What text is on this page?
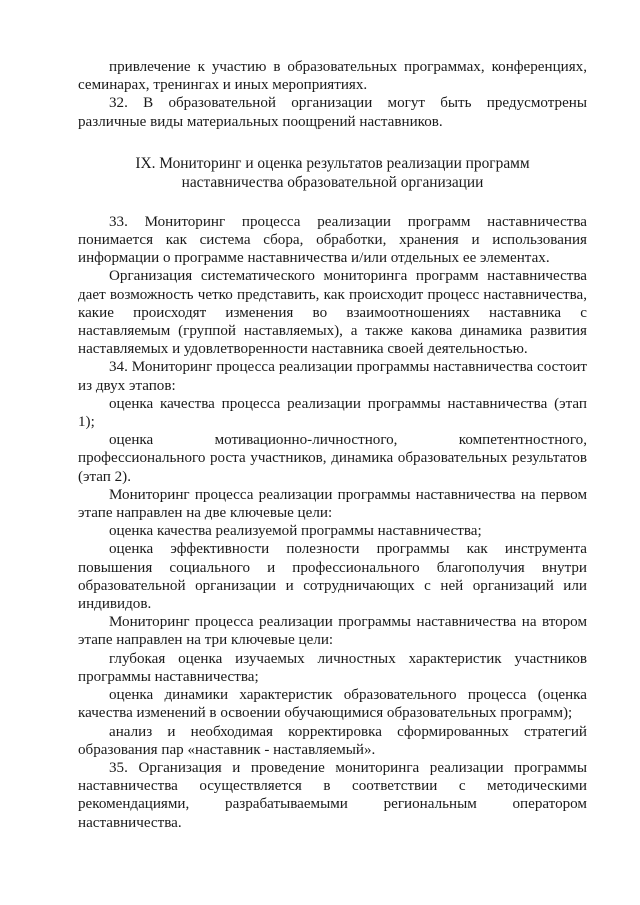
привлечение к участию в образовательных программах, конференциях, семинарах, тренингах и иных мероприятиях.

32. В образовательной организации могут быть предусмотрены различные виды материальных поощрений наставников.

IX. Мониторинг и оценка результатов реализации программ
наставничества образовательной организации

33. Мониторинг процесса реализации программ наставничества понимается как система сбора, обработки, хранения и использования информации о программе наставничества и/или отдельных ее элементах.

Организация систематического мониторинга программ наставничества дает возможность четко представить, как происходит процесс наставничества, какие происходят изменения во взаимоотношениях наставника с наставляемым (группой наставляемых), а также какова динамика развития наставляемых и удовлетворенности наставника своей деятельностью.

34. Мониторинг процесса реализации программы наставничества состоит из двух этапов:

оценка качества процесса реализации программы наставничества (этап 1);

оценка мотивационно-личностного, компетентностного, профессионального роста участников, динамика образовательных результатов (этап 2).

Мониторинг процесса реализации программы наставничества на первом этапе направлен на две ключевые цели:

оценка качества реализуемой программы наставничества;

оценка эффективности полезности программы как инструмента повышения социального и профессионального благополучия внутри образовательной организации и сотрудничающих с ней организаций или индивидов.

Мониторинг процесса реализации программы наставничества на втором этапе направлен на три ключевые цели:

глубокая оценка изучаемых личностных характеристик участников программы наставничества;

оценка динамики характеристик образовательного процесса (оценка качества изменений в освоении обучающимися образовательных программ);

анализ и необходимая корректировка сформированных стратегий образования пар «наставник - наставляемый».

35. Организация и проведение мониторинга реализации программы наставничества осуществляется в соответствии с методическими рекомендациями, разрабатываемыми региональным оператором наставничества.
